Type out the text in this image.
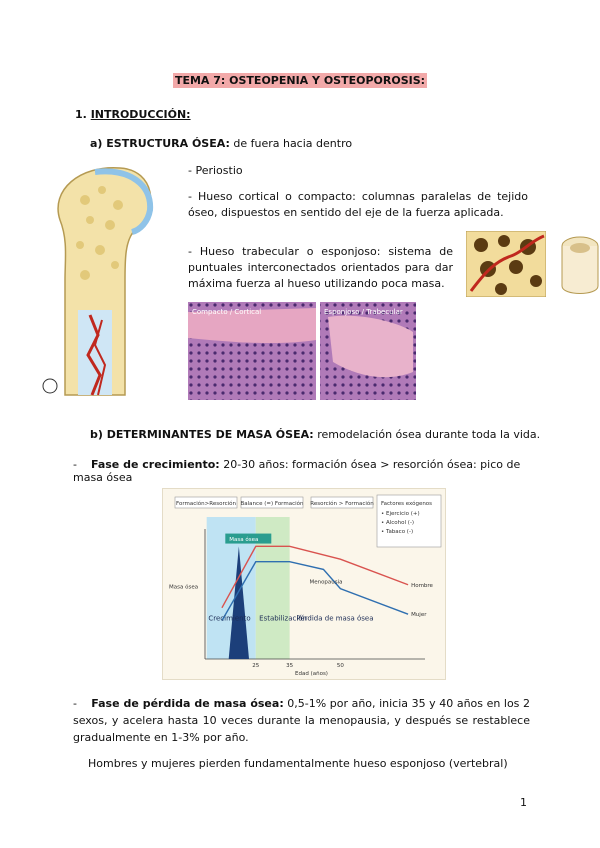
TEMA 7: OSTEOPENIA Y OSTEOPOROSIS:
1. INTRODUCCIÓN:
a) ESTRUCTURA ÓSEA: de fuera hacia dentro
- Periostio
- Hueso cortical o compacto: columnas paralelas de tejido óseo, dispuestos en sentido del eje de la fuerza aplicada.
- Hueso trabecular o esponjoso: sistema de puntuales interconectados orientados para dar máxima fuerza al hueso utilizando poca masa.
Compacto / Cortical	Esponjoso / Trabecular
b) DETERMINANTES DE MASA ÓSEA: remodelación ósea durante toda la vida.
-    Fase de crecimiento: 20-30 años: formación ósea > resorción ósea: pico de masa ósea
Formación>Resorción Balance (=) Formación Resorción > Formación
25	35	50
Edad (años)
Masa ósea
Masa ósea
Hombre
Mujer
Menopausia
Crecimiento Estabilización
Pérdida de masa ósea
Factores exógenos
• Ejercicio (+)
• Alcohol (-)
• Tabaco (-)
-    Fase de pérdida de masa ósea: 0,5-1% por año, inicia 35 y 40 años en los 2 sexos, y acelera hasta 10 veces durante la menopausia, y después se restablece gradualmente en 1-3% por año.
Hombres y mujeres pierden fundamentalmente hueso esponjoso (vertebral)
1
